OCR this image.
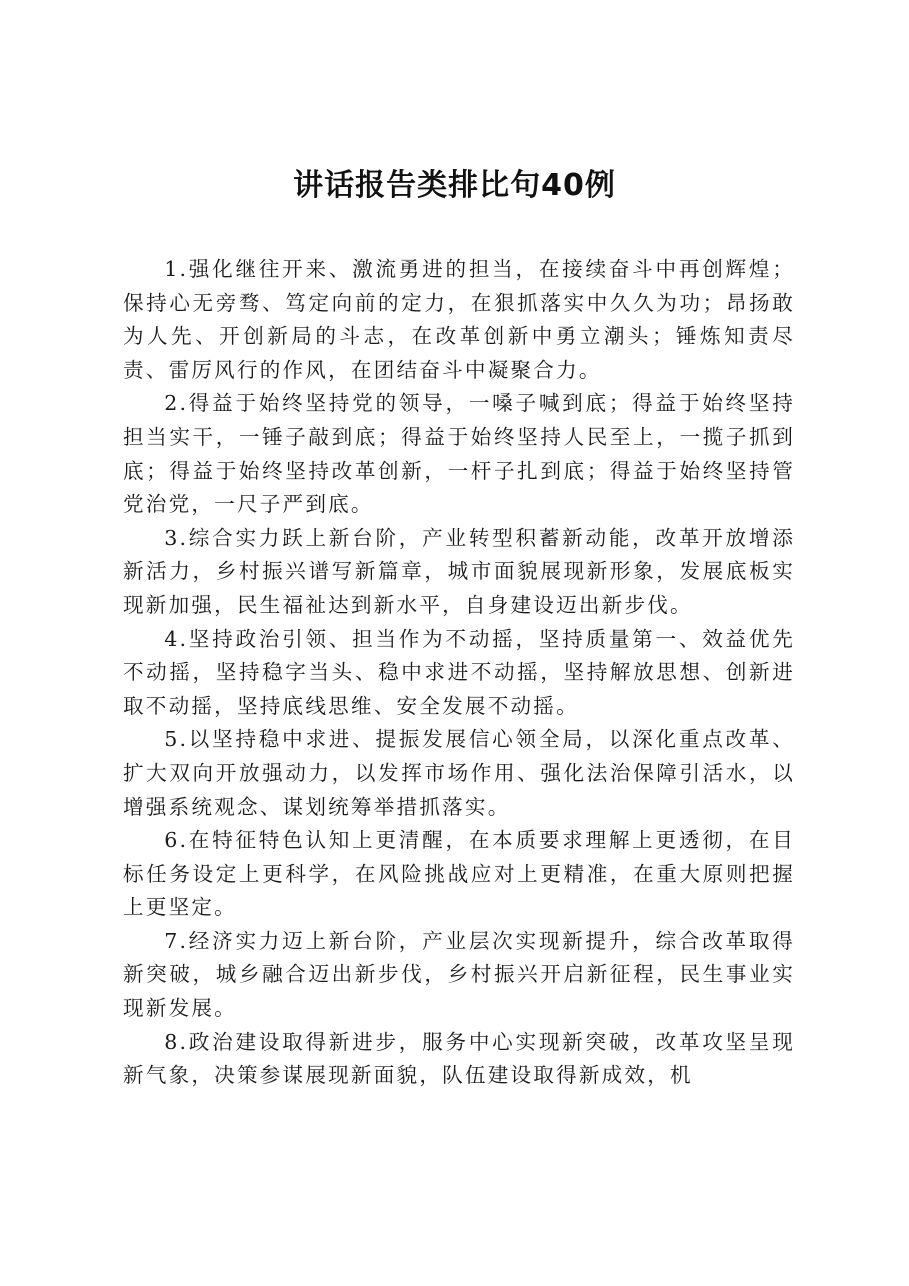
讲话报告类排比句40例

1.强化继往开来、激流勇进的担当，在接续奋斗中再创辉煌；保持心无旁骛、笃定向前的定力，在狠抓落实中久久为功；昂扬敢为人先、开创新局的斗志，在改革创新中勇立潮头；锤炼知责尽责、雷厉风行的作风，在团结奋斗中凝聚合力。

2.得益于始终坚持党的领导，一嗓子喊到底；得益于始终坚持担当实干，一锤子敲到底；得益于始终坚持人民至上，一揽子抓到底；得益于始终坚持改革创新，一杆子扎到底；得益于始终坚持管党治党，一尺子严到底。

3.综合实力跃上新台阶，产业转型积蓄新动能，改革开放增添新活力，乡村振兴谱写新篇章，城市面貌展现新形象，发展底板实现新加强，民生福祉达到新水平，自身建设迈出新步伐。

4.坚持政治引领、担当作为不动摇，坚持质量第一、效益优先不动摇，坚持稳字当头、稳中求进不动摇，坚持解放思想、创新进取不动摇，坚持底线思维、安全发展不动摇。

5.以坚持稳中求进、提振发展信心领全局，以深化重点改革、扩大双向开放强动力，以发挥市场作用、强化法治保障引活水，以增强系统观念、谋划统筹举措抓落实。

6.在特征特色认知上更清醒，在本质要求理解上更透彻，在目标任务设定上更科学，在风险挑战应对上更精准，在重大原则把握上更坚定。

7.经济实力迈上新台阶，产业层次实现新提升，综合改革取得新突破，城乡融合迈出新步伐，乡村振兴开启新征程，民生事业实现新发展。

8.政治建设取得新进步，服务中心实现新突破，改革攻坚呈现新气象，决策参谋展现新面貌，队伍建设取得新成效，机
